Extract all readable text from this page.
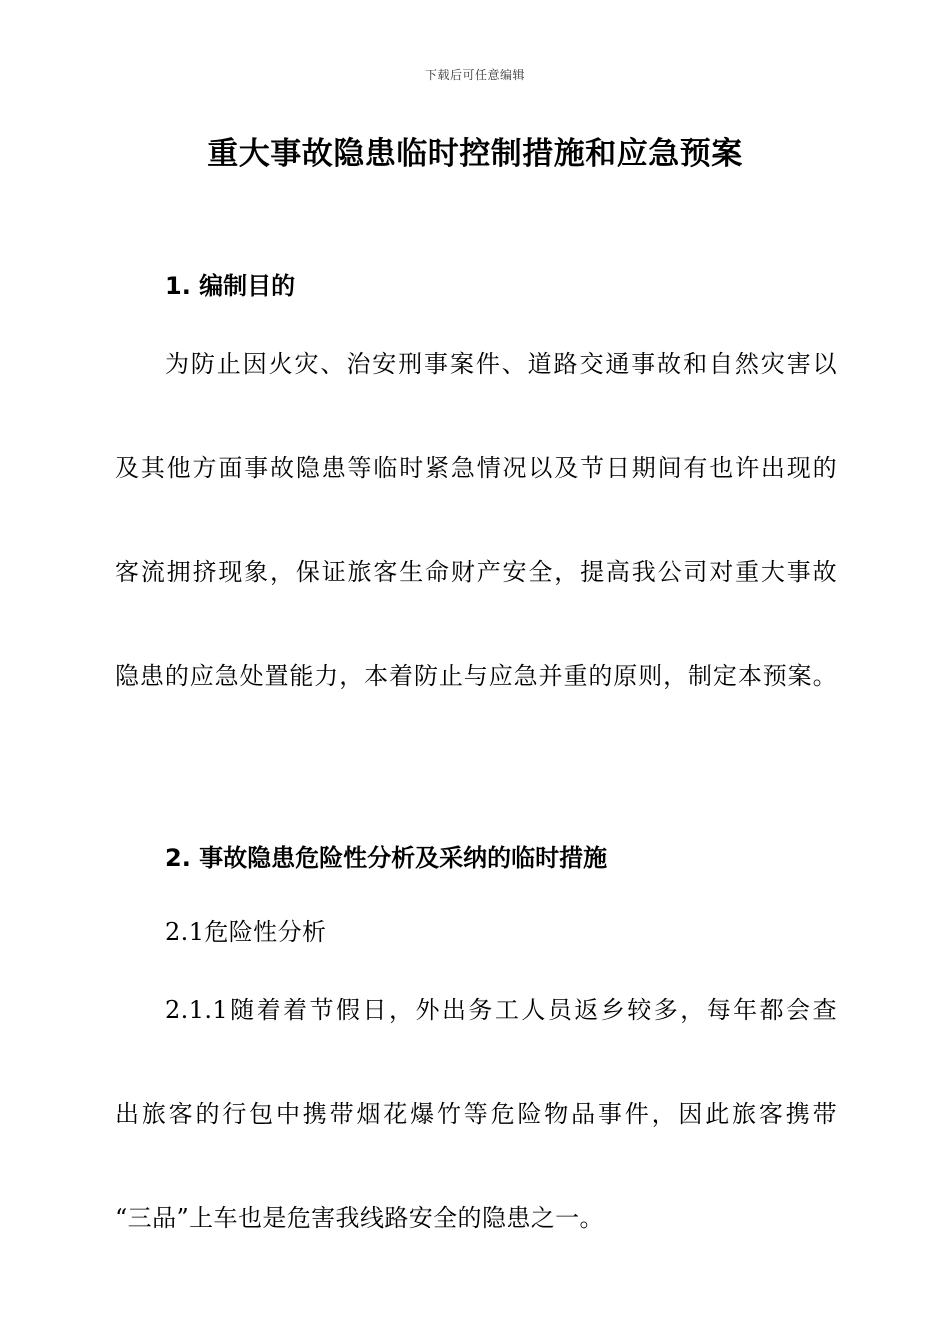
下载后可任意编辑
重大事故隐患临时控制措施和应急预案
1. 编制目的
为防止因火灾、治安刑事案件、道路交通事故和自然灾害以
及其他方面事故隐患等临时紧急情况以及节日期间有也许出现的
客流拥挤现象，保证旅客生命财产安全，提高我公司对重大事故
隐患的应急处置能力，本着防止与应急并重的原则，制定本预案。
2. 事故隐患危险性分析及采纳的临时措施
2.1危险性分析
2.1.1随着着节假日，外出务工人员返乡较多，每年都会查
出旅客的行包中携带烟花爆竹等危险物品事件，因此旅客携带
“三品”上车也是危害我线路安全的隐患之一。
